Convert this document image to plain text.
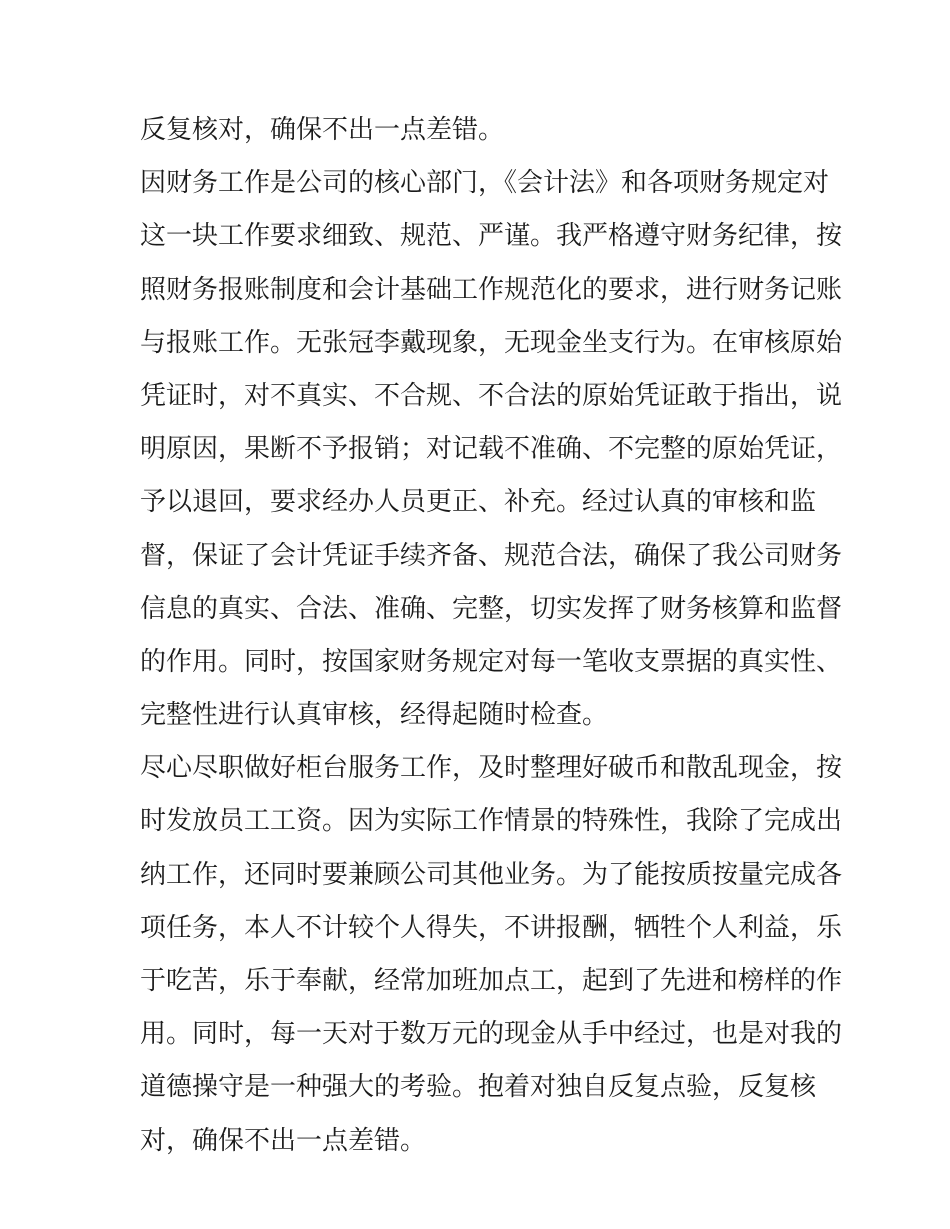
反复核对，确保不出一点差错。
因财务工作是公司的核心部门，《会计法》和各项财务规定对
这一块工作要求细致、规范、严谨。我严格遵守财务纪律，按
照财务报账制度和会计基础工作规范化的要求，进行财务记账
与报账工作。无张冠李戴现象，无现金坐支行为。在审核原始
凭证时，对不真实、不合规、不合法的原始凭证敢于指出，说
明原因，果断不予报销；对记载不准确、不完整的原始凭证，
予以退回，要求经办人员更正、补充。经过认真的审核和监
督，保证了会计凭证手续齐备、规范合法，确保了我公司财务
信息的真实、合法、准确、完整，切实发挥了财务核算和监督
的作用。同时，按国家财务规定对每一笔收支票据的真实性、
完整性进行认真审核，经得起随时检查。
尽心尽职做好柜台服务工作，及时整理好破币和散乱现金，按
时发放员工工资。因为实际工作情景的特殊性，我除了完成出
纳工作，还同时要兼顾公司其他业务。为了能按质按量完成各
项任务，本人不计较个人得失，不讲报酬，牺牲个人利益，乐
于吃苦，乐于奉献，经常加班加点工，起到了先进和榜样的作
用。同时，每一天对于数万元的现金从手中经过，也是对我的
道德操守是一种强大的考验。抱着对独自反复点验，反复核
对，确保不出一点差错。
